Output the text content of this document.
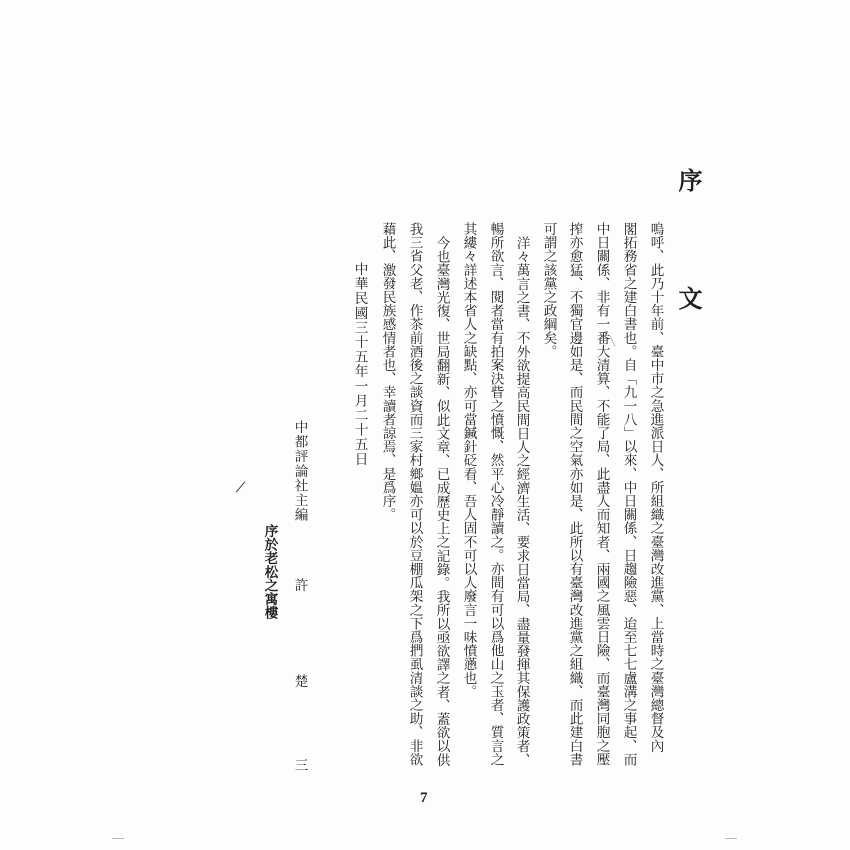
序
文
嗚呼、此乃十年前、臺中市之急進派日人、所組織之臺灣改進黨、上當時之臺灣總督及內
閣拓務省之建白書也。自「九一八」以來、中日關係、日趨險惡、迨至七七盧溝之事起、而
中日關係、非有一番大清算、不能了局、此盡人而知者、兩國之風雲日險、而臺灣同胞之壓
搾亦愈猛、不獨官邊如是、而民間之空氣亦如是、此所以有臺灣改進黨之組織、而此建白書
可謂之該黨之政綱矣。
洋々萬言之書、不外欲提高民間日人之經濟生活、要求日當局、盡量發揮其保護政策者、
暢所欲言、閱者當有拍案決眥之憤慨、然平心冷靜讀之。亦間有可以爲他山之玉者、質言之
其縷々詳述本省人之缺點、亦可當鍼針砭看、吾人固不可以人廢言一味憤懣也。
今也臺灣光復、世局翻新、似此文章、已成歷史上之記錄。我所以亟欲譯之者、蓋欲以供
我三省父老、作茶前酒後之談資而三家村鄉媼亦可以於豆棚瓜架之下爲捫虱清談之助、非欲
藉此、激發民族感情者也、幸讀者諒焉、是爲序。
中華民國三十五年一月二十五日
中都評論社主編
許
楚
三
序於老松之寓樓
7
